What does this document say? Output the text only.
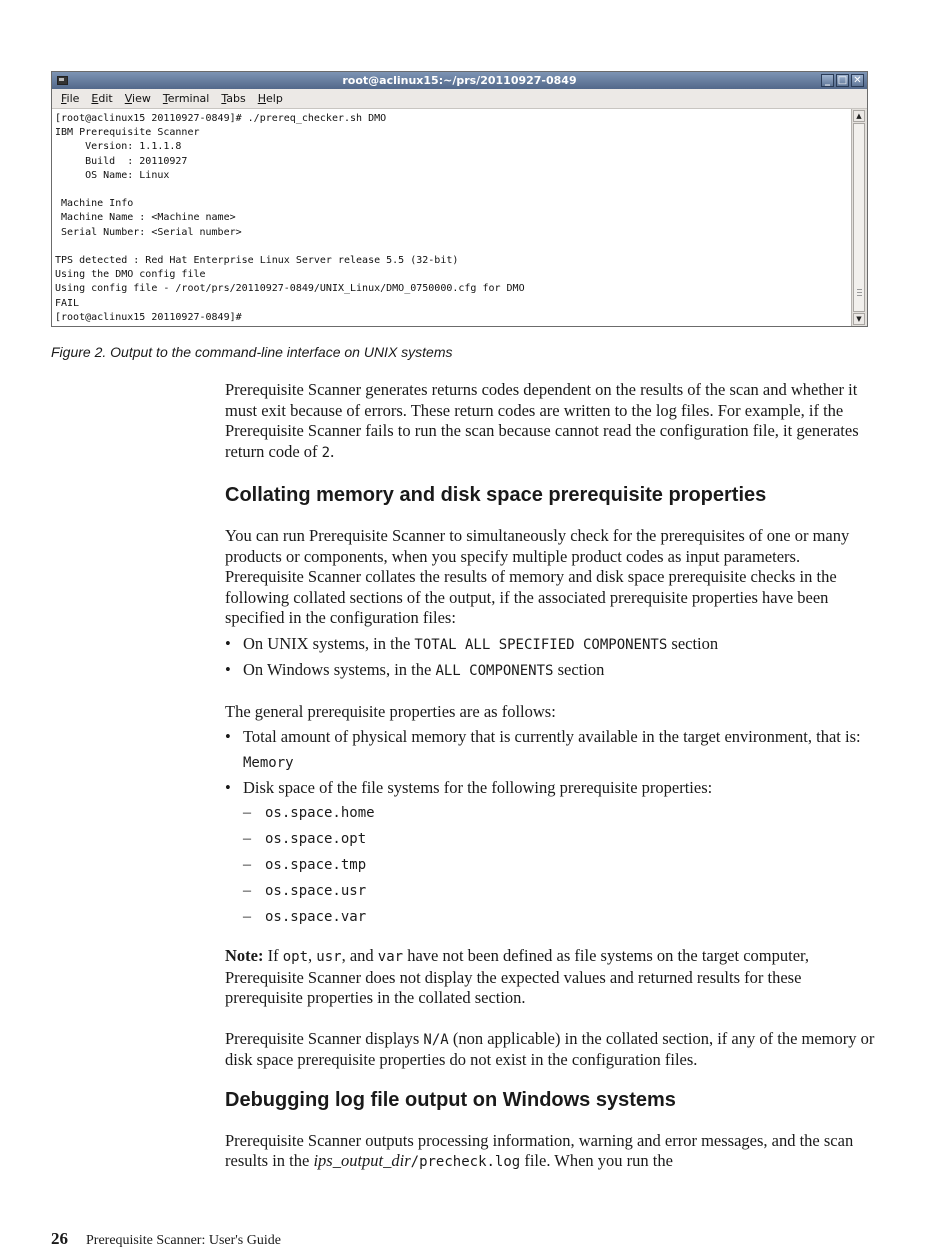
root@aclinux15:~/prs/20110927-0849	_ □ ✕
File Edit View Terminal Tabs Help
[root@aclinux15 20110927-0849]# ./prereq_checker.sh DMO
IBM Prerequisite Scanner
Version: 1.1.1.8
Build  : 20110927
OS Name: Linux
Machine Info
Machine Name : <Machine name>
Serial Number: <Serial number>
TPS detected : Red Hat Enterprise Linux Server release 5.5 (32-bit)
Using the DMO config file
Using config file - /root/prs/20110927-0849/UNIX_Linux/DMO_0750000.cfg for DMO
FAIL
[root@aclinux15 20110927-0849]#
▲
▼
Figure 2. Output to the command-line interface on UNIX systems

Prerequisite Scanner generates returns codes dependent on the results of the scan and whether it must exit because of errors. These return codes are written to the log files. For example, if the Prerequisite Scanner fails to run the scan because cannot read the configuration file, it generates return code of 2.

Collating memory and disk space prerequisite properties

You can run Prerequisite Scanner to simultaneously check for the prerequisites of one or many products or components, when you specify multiple product codes as input parameters. Prerequisite Scanner collates the results of memory and disk space prerequisite checks in the following collated sections of the output, if the associated prerequisite properties have been specified in the configuration files:

• On UNIX systems, in the TOTAL ALL SPECIFIED COMPONENTS section
• On Windows systems, in the ALL COMPONENTS section

The general prerequisite properties are as follows:

• Total amount of physical memory that is currently available in the target environment, that is:
Memory
• Disk space of the file systems for the following prerequisite properties:
– os.space.home
– os.space.opt
– os.space.tmp
– os.space.usr
– os.space.var

Note: If opt, usr, and var have not been defined as file systems on the target computer, Prerequisite Scanner does not display the expected values and returned results for these prerequisite properties in the collated section.

Prerequisite Scanner displays N/A (non applicable) in the collated section, if any of the memory or disk space prerequisite properties do not exist in the configuration files.

Debugging log file output on Windows systems

Prerequisite Scanner outputs processing information, warning and error messages, and the scan results in the ips_output_dir/precheck.log file. When you run the

26 Prerequisite Scanner: User's Guide
